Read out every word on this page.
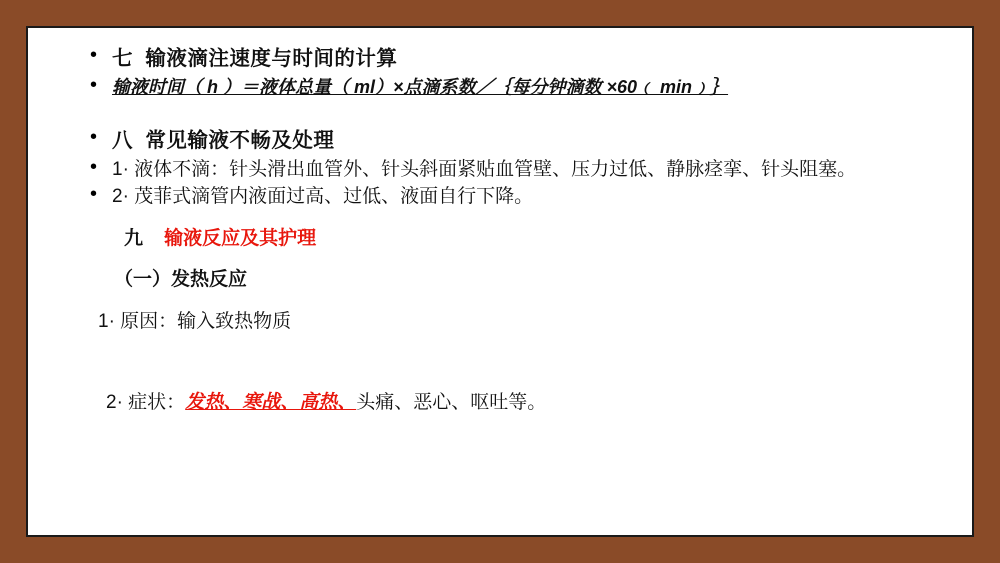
• 七  输液滴注速度与时间的计算
• 输液时间（ h ）＝液体总量（ ml）×点滴系数／｛每分钟滴数 ×60﹙ min﹚｝
• 八  常见输液不畅及处理
• 1· 液体不滴：针头滑出血管外、针头斜面紧贴血管壁、压力过低、静脉痉挛、针头阻塞。
• 2· 茂菲式滴管内液面过高、过低、液面自行下降。
九 输液反应及其护理
（一）发热反应
1· 原因：输入致热物质
2· 症状：发热、寒战、高热、头痛、恶心、呕吐等。
